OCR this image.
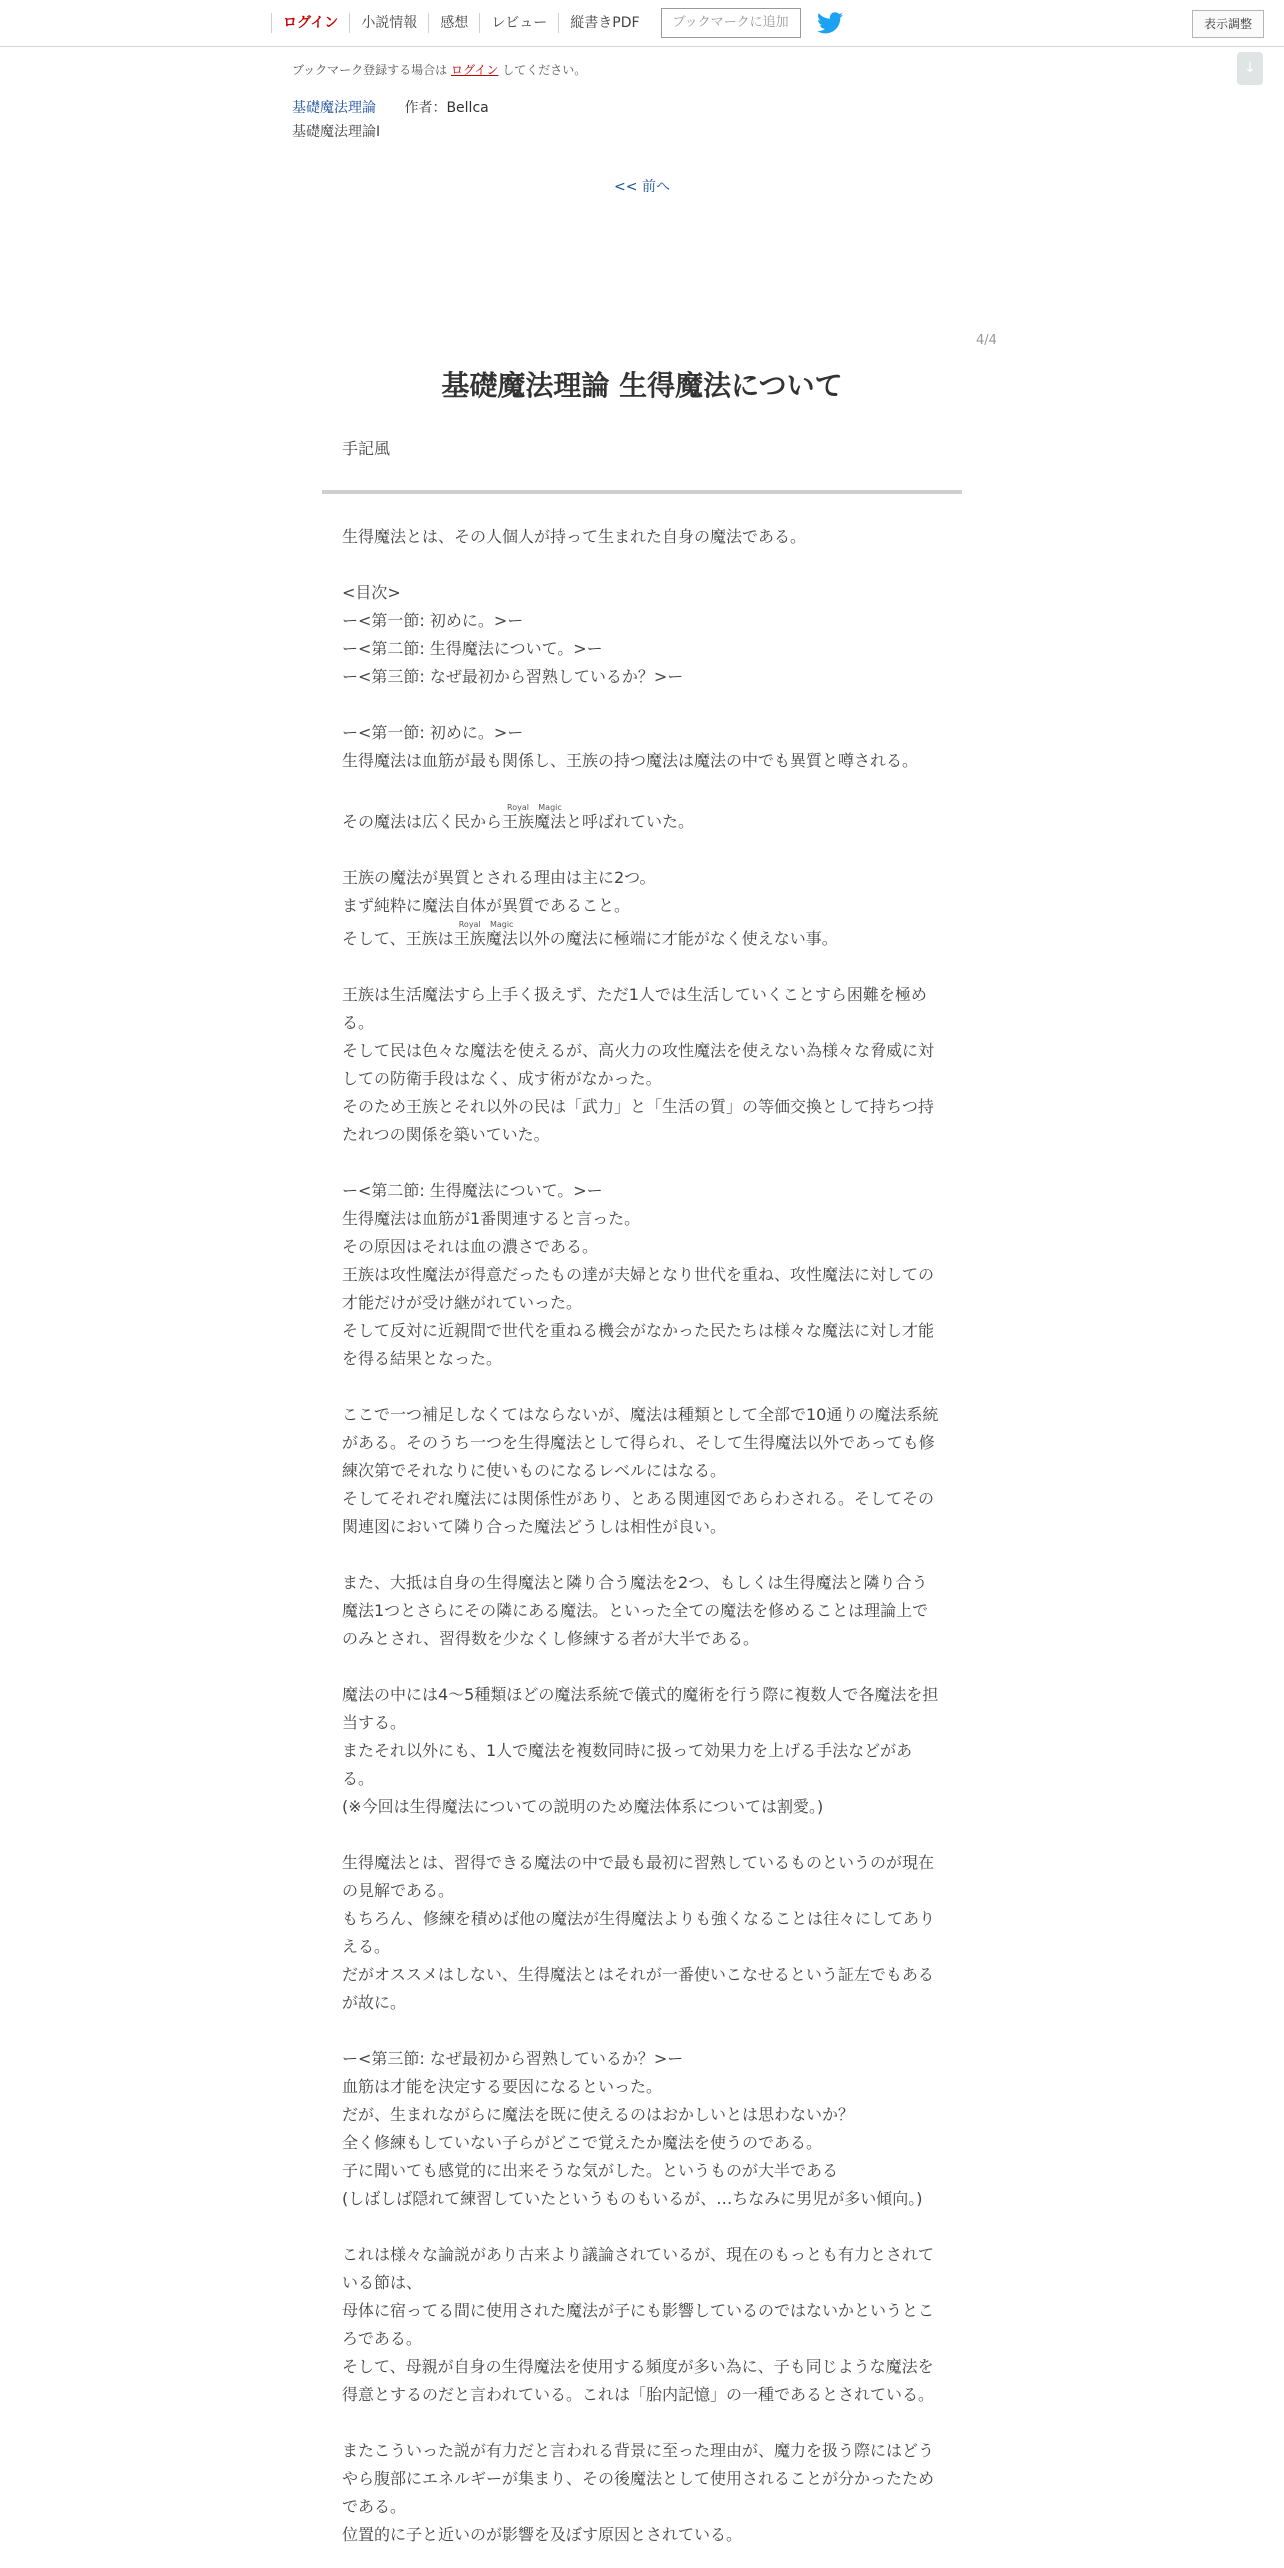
ログイン	小説情報	感想	レビュー	縦書きPDF	ブックマークに追加	表示調整
↓
ブックマーク登録する場合は ログイン してください。
基礎魔法理論 作者：Bellca
基礎魔法理論Ⅰ
<< 前へ
4/4
基礎魔法理論 生得魔法について
手記風
生得魔法とは、その人個人が持って生まれた自身の魔法である。
<目次>
ー<第一節: 初めに。>ー
ー<第二節: 生得魔法について。>ー
ー<第三節: なぜ最初から習熟しているか？>ー
ー<第一節: 初めに。>ー
生得魔法は血筋が最も関係し、王族の持つ魔法は魔法の中でも異質と噂される。
その魔法は広く民から王族Royal魔法Magicと呼ばれていた。
王族の魔法が異質とされる理由は主に2つ。
まず純粋に魔法自体が異質であること。
そして、王族は王族Royal魔法Magic以外の魔法に極端に才能がなく使えない事。
王族は生活魔法すら上手く扱えず、ただ1人では生活していくことすら困難を極める。
そして民は色々な魔法を使えるが、高火力の攻性魔法を使えない為様々な脅威に対しての防衛手段はなく、成す術がなかった。
そのため王族とそれ以外の民は「武力」と「生活の質」の等価交換として持ちつ持たれつの関係を築いていた。
ー<第二節: 生得魔法について。>ー
生得魔法は血筋が1番関連すると言った。
その原因はそれは血の濃さである。
王族は攻性魔法が得意だったもの達が夫婦となり世代を重ね、攻性魔法に対しての才能だけが受け継がれていった。
そして反対に近親間で世代を重ねる機会がなかった民たちは様々な魔法に対し才能を得る結果となった。
ここで一つ補足しなくてはならないが、魔法は種類として全部で10通りの魔法系統がある。そのうち一つを生得魔法として得られ、そして生得魔法以外であっても修練次第でそれなりに使いものになるレベルにはなる。
そしてそれぞれ魔法には関係性があり、とある関連図であらわされる。そしてその関連図において隣り合った魔法どうしは相性が良い。
また、大抵は自身の生得魔法と隣り合う魔法を2つ、もしくは生得魔法と隣り合う魔法1つとさらにその隣にある魔法。といった全ての魔法を修めることは理論上でのみとされ、習得数を少なくし修練する者が大半である。
魔法の中には4～5種類ほどの魔法系統で儀式的魔術を行う際に複数人で各魔法を担当する。
またそれ以外にも、1人で魔法を複数同時に扱って効果力を上げる手法などがある。
(※今回は生得魔法についての説明のため魔法体系については割愛。)
生得魔法とは、習得できる魔法の中で最も最初に習熟しているものというのが現在の見解である。
もちろん、修練を積めば他の魔法が生得魔法よりも強くなることは往々にしてありえる。
だがオススメはしない、生得魔法とはそれが一番使いこなせるという証左でもあるが故に。
ー<第三節: なぜ最初から習熟しているか？>ー
血筋は才能を決定する要因になるといった。
だが、生まれながらに魔法を既に使えるのはおかしいとは思わないか？
全く修練もしていない子らがどこで覚えたか魔法を使うのである。
子に聞いても感覚的に出来そうな気がした。というものが大半である
(しばしば隠れて練習していたというものもいるが、…ちなみに男児が多い傾向。)
これは様々な論説があり古来より議論されているが、現在のもっとも有力とされている節は、
母体に宿ってる間に使用された魔法が子にも影響しているのではないかというところである。
そして、母親が自身の生得魔法を使用する頻度が多い為に、子も同じような魔法を得意とするのだと言われている。これは「胎内記憶」の一種であるとされている。
またこういった説が有力だと言われる背景に至った理由が、魔力を扱う際にはどうやら腹部にエネルギーが集まり、その後魔法として使用されることが分かったためである。
位置的に子と近いのが影響を及ぼす原因とされている。
